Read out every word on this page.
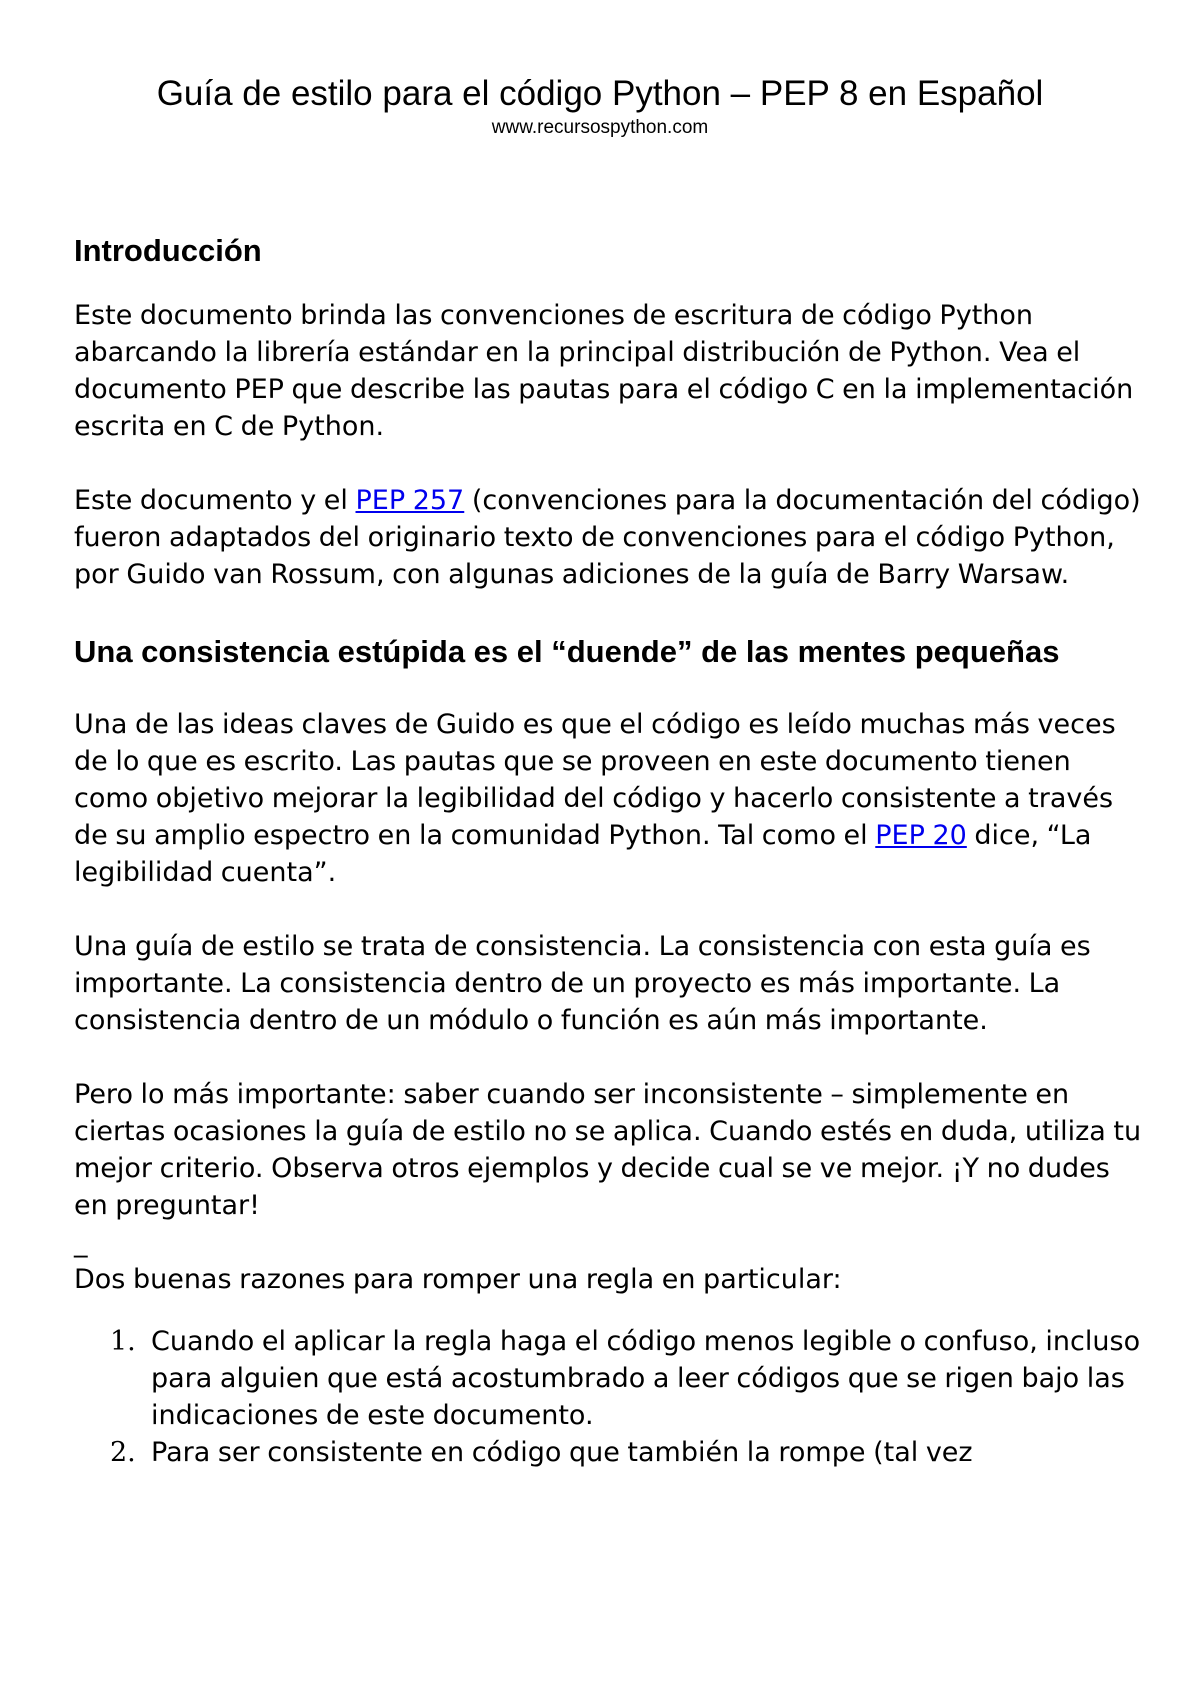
Guía de estilo para el código Python – PEP 8 en Español
www.recursospython.com
Introducción

Este documento brinda las convenciones de escritura de código Python abarcando la librería estándar en la principal distribución de Python. Vea el documento PEP que describe las pautas para el código C en la implementación escrita en C de Python.

Este documento y el PEP 257 (convenciones para la documentación del código) fueron adaptados del originario texto de convenciones para el código Python, por Guido van Rossum, con algunas adiciones de la guía de Barry Warsaw.

Una consistencia estúpida es el “duende” de las mentes pequeñas

Una de las ideas claves de Guido es que el código es leído muchas más veces de lo que es escrito. Las pautas que se proveen en este documento tienen como objetivo mejorar la legibilidad del código y hacerlo consistente a través de su amplio espectro en la comunidad Python. Tal como el PEP 20 dice, “La legibilidad cuenta”.

Una guía de estilo se trata de consistencia. La consistencia con esta guía es importante. La consistencia dentro de un proyecto es más importante. La consistencia dentro de un módulo o función es aún más importante.

Pero lo más importante: saber cuando ser inconsistente – simplemente en ciertas ocasiones la guía de estilo no se aplica. Cuando estés en duda, utiliza tu mejor criterio. Observa otros ejemplos y decide cual se ve mejor. ¡Y no dudes en preguntar!

_

Dos buenas razones para romper una regla en particular:

1. Cuando el aplicar la regla haga el código menos legible o confuso, incluso para alguien que está acostumbrado a leer códigos que se rigen bajo las indicaciones de este documento.
2. Para ser consistente en código que también la rompe (tal vez
